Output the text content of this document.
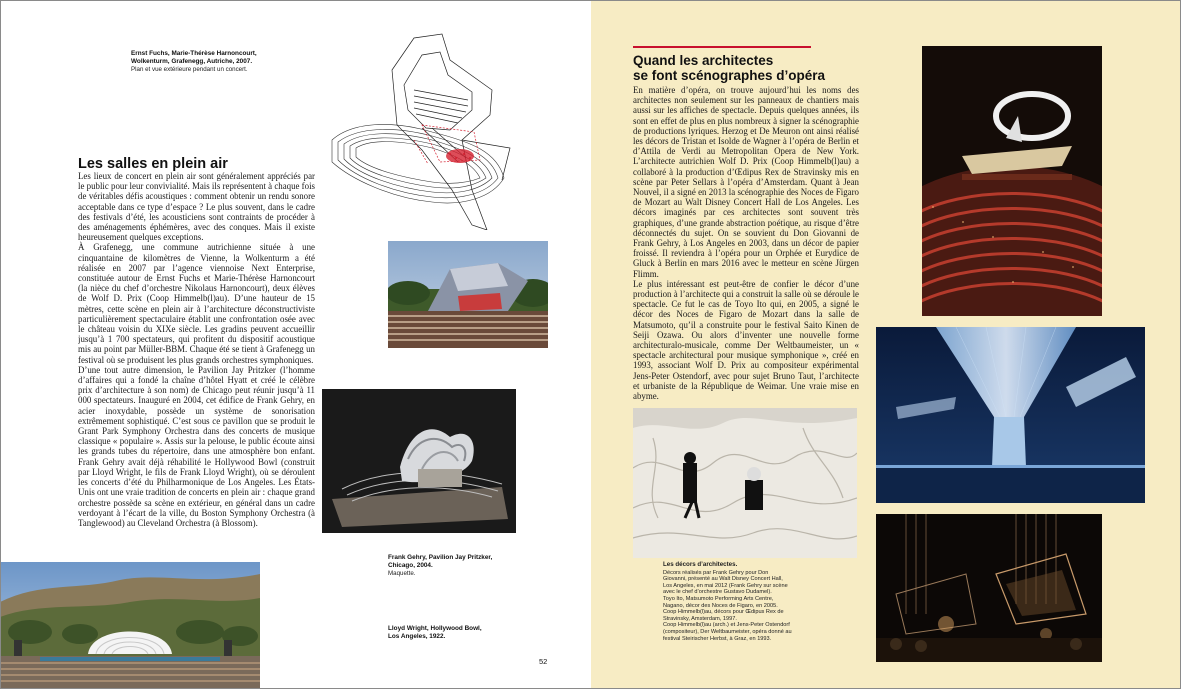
Ernst Fuchs, Marie-Thérèse Harnoncourt,
Wolkenturm, Grafenegg, Autriche, 2007.
Plan et vue extérieure pendant un concert.
Les salles en plein air

Les lieux de concert en plein air sont généralement appréciés par le public pour leur convivialité. Mais ils représentent à chaque fois de véritables défis acoustiques : comment obtenir un rendu sonore acceptable dans ce type d’espace ? Le plus souvent, dans le cadre des festivals d’été, les acousticiens sont contraints de procéder à des aménagements éphémères, avec des conques. Mais il existe heureusement quelques exceptions.

À Grafenegg, une commune autrichienne située à une cinquantaine de kilomètres de Vienne, la Wolkenturm a été réalisée en 2007 par l’agence viennoise Next Enterprise, constituée autour de Ernst Fuchs et Marie-Thérèse Harnoncourt (la nièce du chef d’orchestre Nikolaus Harnoncourt), deux élèves de Wolf D. Prix (Coop Himmelb(l)au). D’une hauteur de 15 mètres, cette scène en plein air à l’architecture déconstructiviste particulièrement spectaculaire établit une confrontation osée avec le château voisin du XIXe siècle. Les gradins peuvent accueillir jusqu’à 1 700 spectateurs, qui profitent du dispositif acoustique mis au point par Müller-BBM. Chaque été se tient à Grafenegg un festival où se produisent les plus grands orchestres symphoniques.

D’une tout autre dimension, le Pavilion Jay Pritzker (l’homme d’affaires qui a fondé la chaîne d’hôtel Hyatt et créé le célèbre prix d’architecture à son nom) de Chicago peut réunir jusqu’à 11 000 spectateurs. Inauguré en 2004, cet édifice de Frank Gehry, en acier inoxydable, possède un système de sonorisation extrêmement sophistiqué. C’est sous ce pavillon que se produit le Grant Park Symphony Orchestra dans des concerts de musique classique « populaire ». Assis sur la pelouse, le public écoute ainsi les grands tubes du répertoire, dans une atmosphère bon enfant. Frank Gehry avait déjà réhabilité le Hollywood Bowl (construit par Lloyd Wright, le fils de Frank Lloyd Wright), où se déroulent les concerts d’été du Philharmonique de Los Angeles. Les États-Unis ont une vraie tradition de concerts en plein air : chaque grand orchestre possède sa scène en extérieur, en général dans un cadre verdoyant à l’écart de la ville, du Boston Symphony Orchestra (à Tanglewood) au Cleveland Orchestra (à Blossom).

Frank Gehry, Pavilion Jay Pritzker,
Chicago, 2004.
Maquette.
Lloyd Wright, Hollywood Bowl,
Los Angeles, 1922.
52
Quand les architectes
se font scénographes d’opéra

En matière d’opéra, on trouve aujourd’hui les noms des architectes non seulement sur les panneaux de chantiers mais aussi sur les affiches de spectacle. Depuis quelques années, ils sont en effet de plus en plus nombreux à signer la scénographie de productions lyriques. Herzog et De Meuron ont ainsi réalisé les décors de Tristan et Isolde de Wagner à l’opéra de Berlin et d’Attila de Verdi au Metropolitan Opera de New York. L’architecte autrichien Wolf D. Prix (Coop Himmelb(l)au) a collaboré à la production d’Œdipus Rex de Stravinsky mis en scène par Peter Sellars à l’opéra d’Amsterdam. Quant à Jean Nouvel, il a signé en 2013 la scénographie des Noces de Figaro de Mozart au Walt Disney Concert Hall de Los Angeles. Les décors imaginés par ces architectes sont souvent très graphiques, d’une grande abstraction poétique, au risque d’être déconnectés du sujet. On se souvient du Don Giovanni de Frank Gehry, à Los Angeles en 2003, dans un décor de papier froissé. Il reviendra à l’opéra pour un Orphée et Eurydice de Gluck à Berlin en mars 2016 avec le metteur en scène Jürgen Flimm.

Le plus intéressant est peut-être de confier le décor d’une production à l’architecte qui a construit la salle où se déroule le spectacle. Ce fut le cas de Toyo Ito qui, en 2005, a signé le décor des Noces de Figaro de Mozart dans la salle de Matsumoto, qu’il a construite pour le festival Saito Kinen de Seiji Ozawa. Ou alors d’inventer une nouvelle forme architecturalo-musicale, comme Der Weltbaumeister, un « spectacle architectural pour musique symphonique », créé en 1993, associant Wolf D. Prix au compositeur expérimental Jens-Peter Ostendorf, avec pour sujet Bruno Taut, l’architecte et urbaniste de la République de Weimar. Une vraie mise en abyme.

Les décors d’architectes.

Décors réalisés par Frank Gehry pour Don Giovanni, présenté au Walt Disney Concert Hall, Los Angeles, en mai 2012 (Frank Gehry sur scène avec le chef d’orchestre Gustavo Dudamel).

Toyo Ito, Matsumoto Performing Arts Centre, Nagano, décor des Noces de Figaro, en 2005.

Coop Himmelb(l)au, décors pour Œdipus Rex de Stravinsky, Amsterdam, 1997.

Coop Himmelb(l)au (arch.) et Jens-Peter Ostendorf (compositeur), Der Weltbaumeister, opéra donné au festival Steirischer Herbst, à Graz, en 1993.
